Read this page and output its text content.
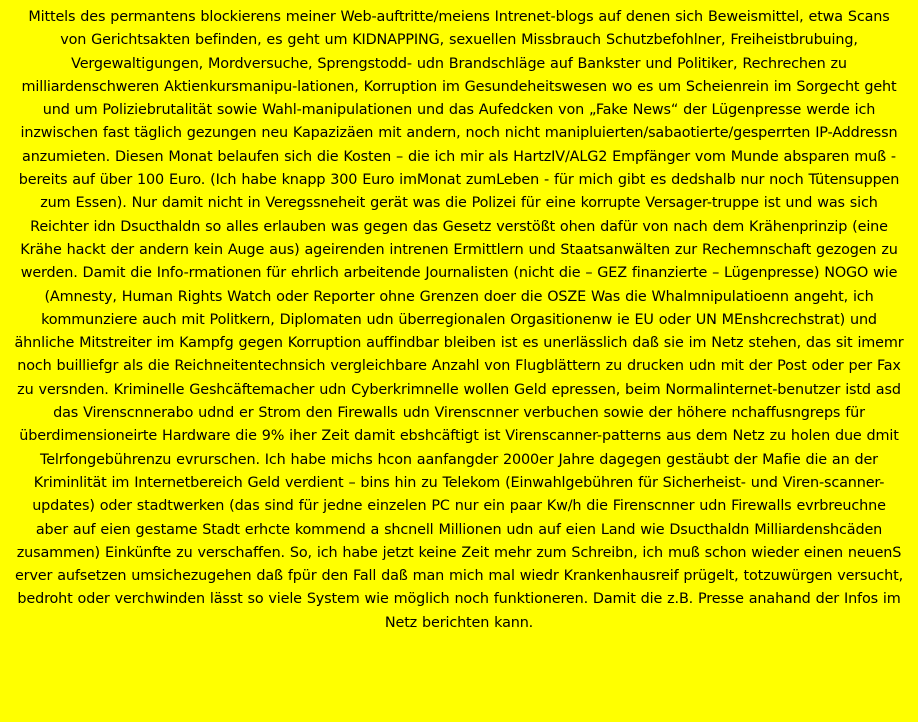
Mittels des permantens blockierens meiner Web-auftritte/meiens Intrenet-blogs auf denen sich Beweismittel, etwa Scans von Gerichtsakten befinden, es geht um KIDNAPPING, sexuellen Missbrauch Schutzbefohlner, Freiheistbrubuing, Vergewaltigungen, Mordversuche, Sprengstodd- udn Brandschläge auf Bankster und Politiker, Rechrechen zu milliardenschweren Aktienkursmanipu-lationen, Korruption im Gesundeheitswesen wo es um Scheienrein im Sorgecht geht und um Poliziebrutalität sowie Wahl-manipulationen und das Aufedcken von „Fake News“ der Lügenpresse werde ich inzwischen fast täglich gezungen neu Kapazizäen mit andern, noch nicht manipluierten/sabaotierte/gesperrten IP-Addressn anzumieten. Diesen Monat belaufen sich die Kosten – die ich mir als HartzIV/ALG2 Empfänger vom Munde absparen muß - bereits auf über 100 Euro. (Ich habe knapp 300 Euro imMonat zumLeben - für mich gibt es dedshalb nur noch Tütensuppen zum Essen). Nur damit nicht in Veregssneheit gerät was die Polizei für eine korrupte Versager-truppe ist und was sich Reichter idn Dsucthaldn so alles erlauben was gegen das Gesetz verstößt ohen dafür von nach dem Krähenprinzip (eine Krähe hackt der andern kein Auge aus) ageirenden intrenen Ermittlern und Staatsanwälten zur Rechemnschaft gezogen zu werden. Damit die Info-rmationen für ehrlich arbeitende Journalisten (nicht die – GEZ finanzierte – Lügenpresse) NOGO wie (Amnesty, Human Rights Watch oder Reporter ohne Grenzen doer die OSZE Was die Whalmnipulatioenn angeht, ich kommunziere auch mit Politkern, Diplomaten udn überregionalen Orgasitionenw ie EU oder UN MEnshcrechstrat) und ähnliche Mitstreiter im Kampfg gegen Korruption auffindbar bleiben ist es unerlässlich daß sie im Netz stehen, das sit imemr noch builliefgr als die Reichneitentechnsich vergleichbare Anzahl von Flugblättern zu drucken udn mit der Post oder per Fax zu versnden. Kriminelle Geshcäftemacher udn Cyberkrimnelle wollen Geld epressen, beim Normalinternet-benutzer istd asd das Virenscnnerabo udnd er Strom den Firewalls udn Virenscnner verbuchen sowie der höhere nchaffusngreps für überdimensioneirte Hardware die 9% iher Zeit damit ebshcäftigt ist Virenscanner-patterns aus dem Netz zu holen due dmit Telrfongebührenzu evrurschen. Ich habe michs hcon aanfangder 2000er Jahre dagegen gestäubt der Mafie die an der Kriminlität im Internetbereich Geld verdient – bins hin zu Telekom (Einwahlgebühren für Sicherheist- und Viren-scanner-updates) oder stadtwerken (das sind für jedne einzelen PC nur ein paar Kw/h die Firenscnner udn Firewalls evrbreuchne aber auf eien gestame Stadt erhcte kommend a shcnell Millionen udn auf eien Land wie Dsucthaldn Milliardenshcäden zusammen) Einkünfte zu verschaffen. So, ich habe jetzt keine Zeit mehr zum Schreibn, ich muß schon wieder einen neuenS erver aufsetzen umsichezugehen daß fpür den Fall daß man mich mal wiedr Krankenhausreif prügelt, totzuwürgen versucht, bedroht oder verchwinden lässt so viele System wie möglich noch funktioneren. Damit die z.B. Presse anahand der Infos im Netz berichten kann.
